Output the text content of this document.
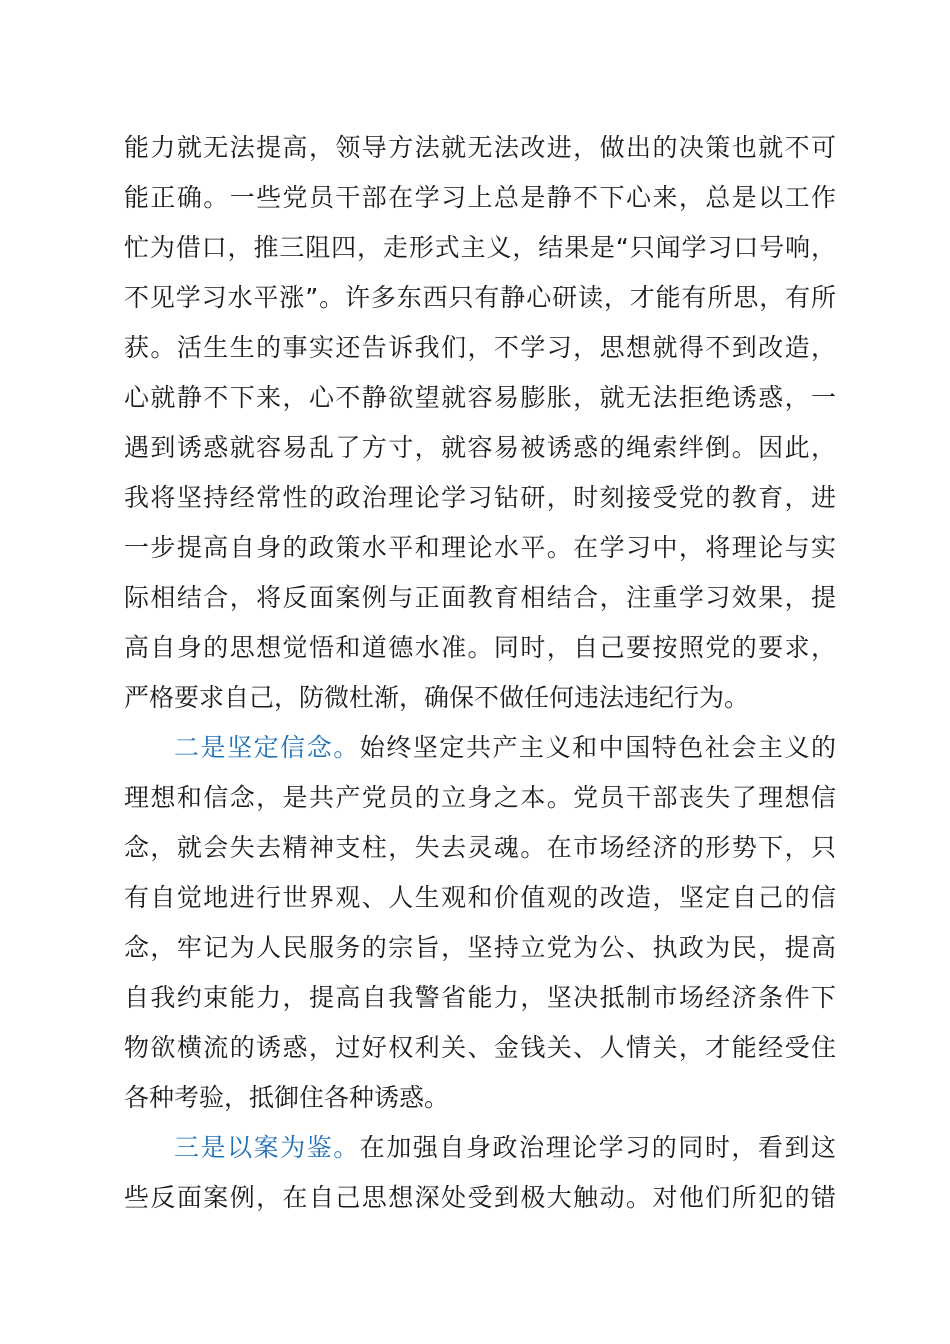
能力就无法提高，领导方法就无法改进，做出的决策也就不可
能正确。一些党员干部在学习上总是静不下心来，总是以工作
忙为借口，推三阻四，走形式主义，结果是“只闻学习口号响，
不见学习水平涨”。许多东西只有静心研读，才能有所思，有所
获。活生生的事实还告诉我们，不学习，思想就得不到改造，
心就静不下来，心不静欲望就容易膨胀，就无法拒绝诱惑，一
遇到诱惑就容易乱了方寸，就容易被诱惑的绳索绊倒。因此，
我将坚持经常性的政治理论学习钻研，时刻接受党的教育，进
一步提高自身的政策水平和理论水平。在学习中，将理论与实
际相结合，将反面案例与正面教育相结合，注重学习效果，提
高自身的思想觉悟和道德水准。同时，自己要按照党的要求，
严格要求自己，防微杜渐，确保不做任何违法违纪行为。
二是坚定信念。始终坚定共产主义和中国特色社会主义的
理想和信念，是共产党员的立身之本。党员干部丧失了理想信
念，就会失去精神支柱，失去灵魂。在市场经济的形势下，只
有自觉地进行世界观、人生观和价值观的改造，坚定自己的信
念，牢记为人民服务的宗旨，坚持立党为公、执政为民，提高
自我约束能力，提高自我警省能力，坚决抵制市场经济条件下
物欲横流的诱惑，过好权利关、金钱关、人情关，才能经受住
各种考验，抵御住各种诱惑。
三是以案为鉴。在加强自身政治理论学习的同时，看到这
些反面案例，在自己思想深处受到极大触动。对他们所犯的错
